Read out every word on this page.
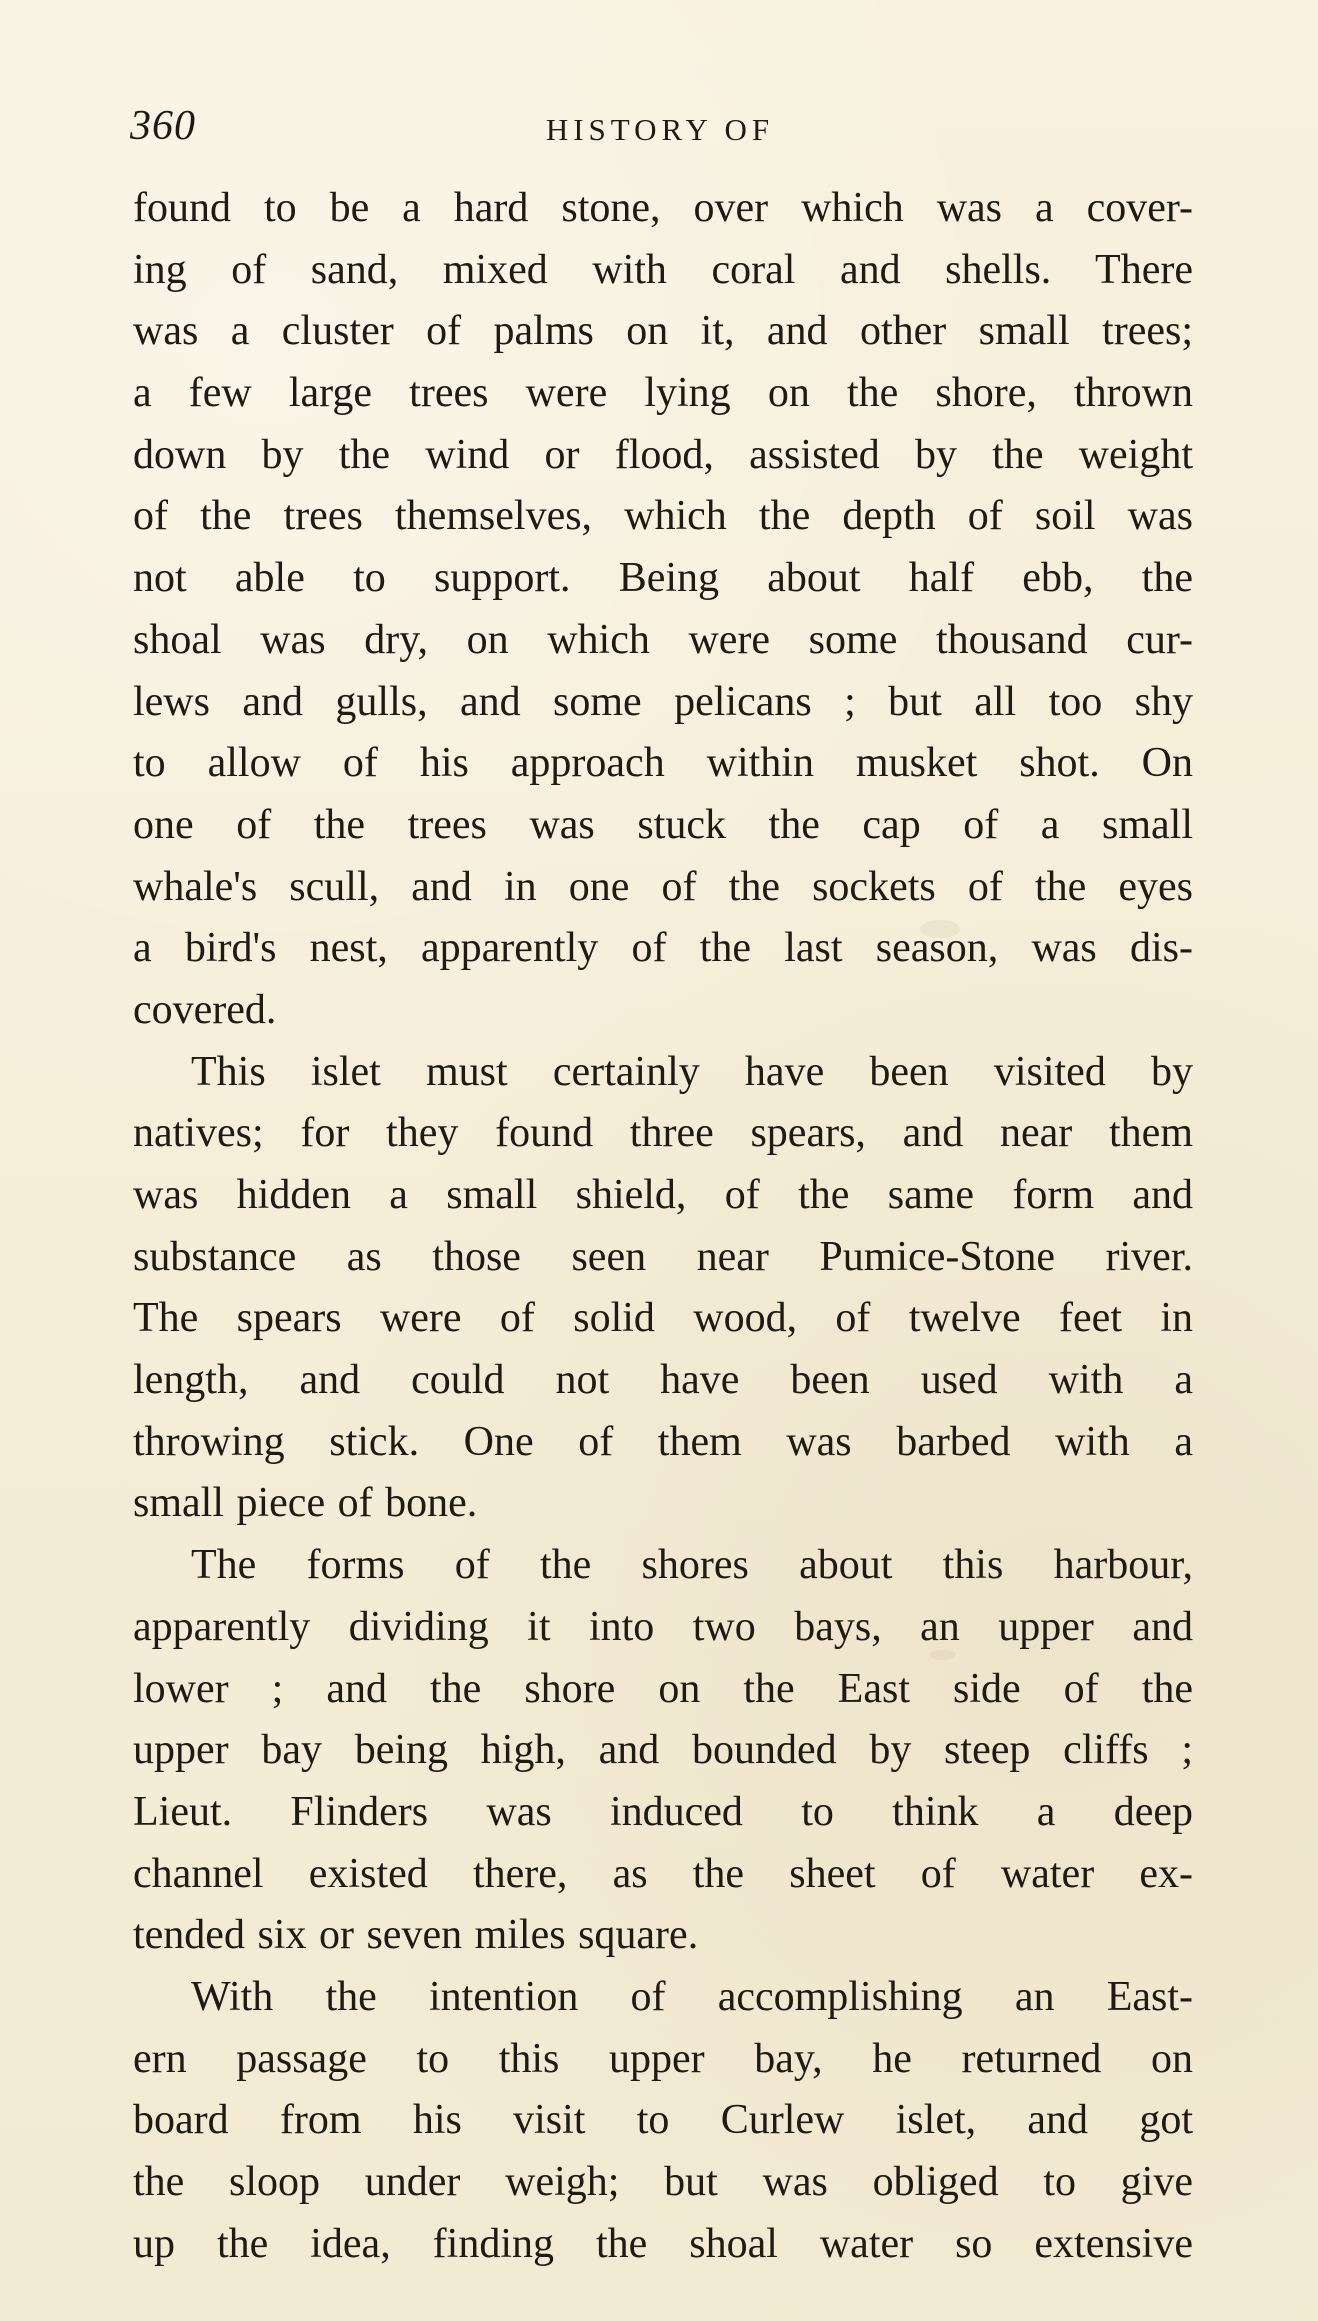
360	HISTORY OF
found to be a hard stone, over which was a cover-
ing of sand, mixed with coral and shells. There
was a cluster of palms on it, and other small trees;
a few large trees were lying on the shore, thrown
down by the wind or flood, assisted by the weight
of the trees themselves, which the depth of soil was
not able to support. Being about half ebb, the
shoal was dry, on which were some thousand cur-
lews and gulls, and some pelicans ; but all too shy
to allow of his approach within musket shot. On
one of the trees was stuck the cap of a small
whale's scull, and in one of the sockets of the eyes
a bird's nest, apparently of the last season, was dis-
covered.
This islet must certainly have been visited by
natives; for they found three spears, and near them
was hidden a small shield, of the same form and
substance as those seen near Pumice-Stone river.
The spears were of solid wood, of twelve feet in
length, and could not have been used with a
throwing stick. One of them was barbed with a
small piece of bone.
The forms of the shores about this harbour,
apparently dividing it into two bays, an upper and
lower ; and the shore on the East side of the
upper bay being high, and bounded by steep cliffs ;
Lieut. Flinders was induced to think a deep
channel existed there, as the sheet of water ex-
tended six or seven miles square.
With the intention of accomplishing an East-
ern passage to this upper bay, he returned on
board from his visit to Curlew islet, and got
the sloop under weigh; but was obliged to give
up the idea, finding the shoal water so extensive
